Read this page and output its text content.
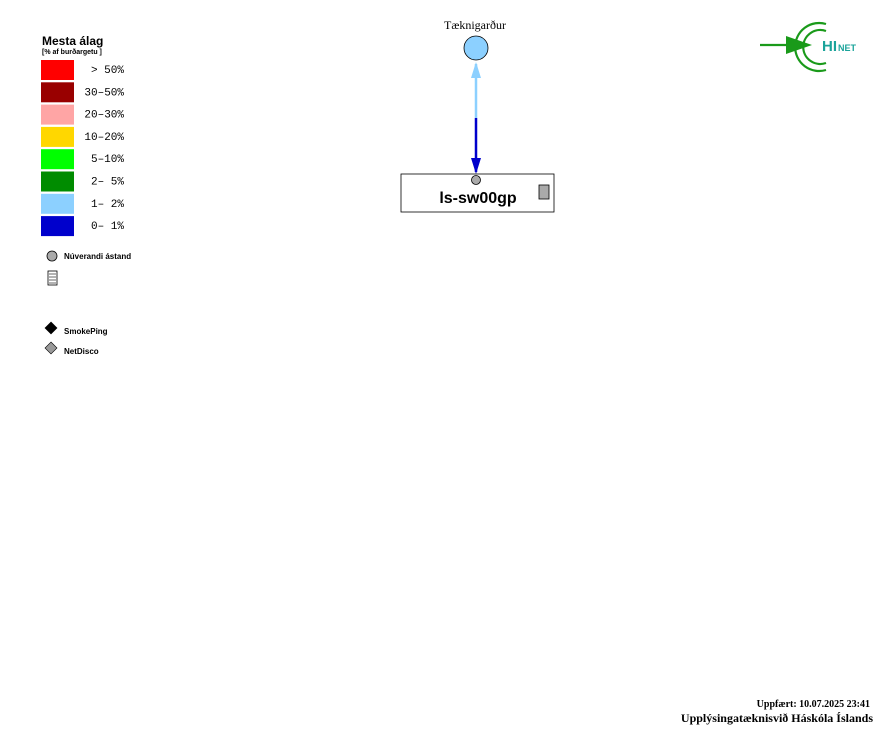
Mesta álag
[% af burðargetu ]
> 50%
30–50%
20–30%
10–20%
5–10%
2– 5%
1– 2%
0– 1%
Núverandi ástand
SmokePing
NetDisco
Tæknigarður
ls-sw00gp
HI NET
Uppfært: 10.07.2025 23:41
Upplýsingatæknisvið Háskóla Íslands
